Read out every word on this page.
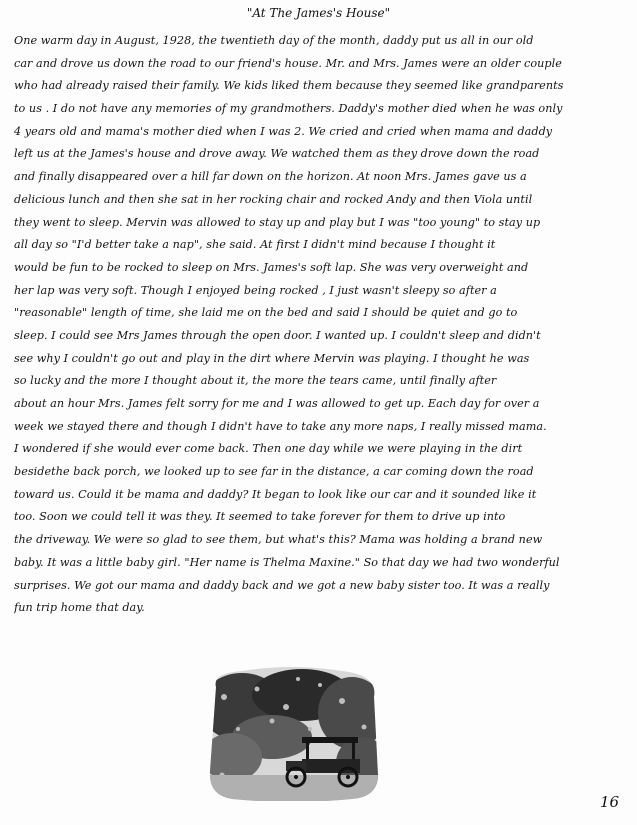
"At The James's House"
One warm day in August, 1928, the twentieth day of the month, daddy put us all in our old
car and drove us down the road to our friend's house. Mr. and Mrs. James were an older couple
who had already raised their family. We kids liked them because they seemed like grandparents
to us . I do not have any memories of my grandmothers. Daddy's mother died when he was only
4 years old and mama's mother died when I was 2. We cried and cried when mama and daddy
left us at the James's house and drove away. We watched them as they drove down the road
and finally disappeared over a hill far down on the horizon. At noon Mrs. James gave us a
delicious lunch and then she sat in her rocking chair and rocked Andy and then Viola until
they went to sleep. Mervin was allowed to stay up and play but I was "too young" to stay up
all day so "I'd better take a nap", she said. At first I didn't mind because I thought it
would be fun to be rocked to sleep on Mrs. James's soft lap. She was very overweight and
her lap was very soft. Though I enjoyed being rocked , I just wasn't sleepy so after a
"reasonable" length of time, she laid me on the bed and said I should be quiet and go to
sleep. I could see Mrs James through the open door. I wanted up. I couldn't sleep and didn't
see why I couldn't go out and play in the dirt where Mervin was playing. I thought he was
so lucky and the more I thought about it, the more the tears came, until finally after
about an hour Mrs. James felt sorry for me and I was allowed to get up. Each day for over a
week we stayed there and though I didn't have to take any more naps, I really missed mama.
I wondered if she would ever come back. Then one day while we were playing in the dirt
besidethe back porch, we looked up to see far in the distance, a car coming down the road
toward us. Could it be mama and daddy? It began to look like our car and it sounded like it
too. Soon we could tell it was they. It seemed to take forever for them to drive up into
the driveway. We were so glad to see them, but what's this? Mama was holding a brand new
baby. It was a little baby girl. "Her name is Thelma Maxine." So that day we had two wonderful
surprises. We got our mama and daddy back and we got a new baby sister too. It was a really
fun trip home that day.
16
